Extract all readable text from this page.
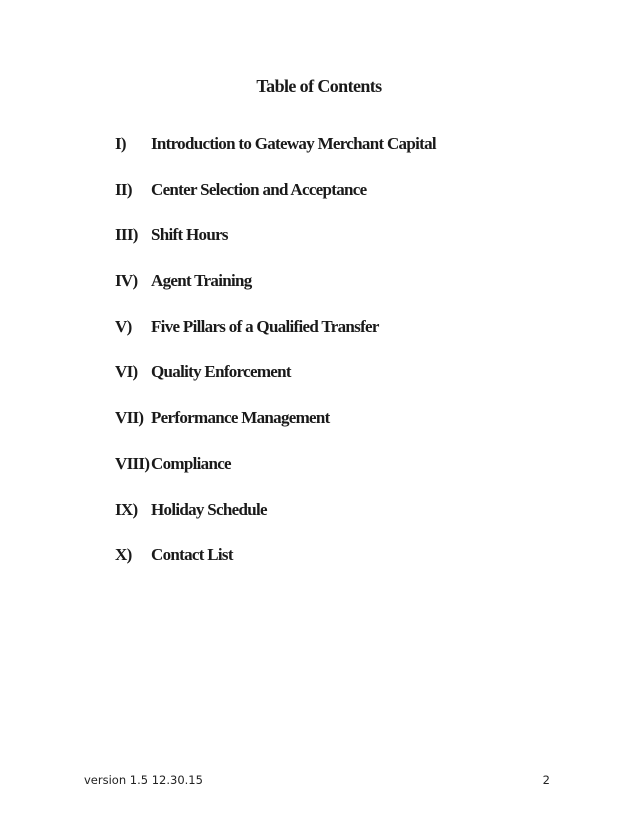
Table of Contents
I)	Introduction to Gateway Merchant Capital
II)	Center Selection and Acceptance
III) Shift Hours
IV) Agent Training
V)	Five Pillars of a Qualified Transfer
VI) Quality Enforcement
VII) Performance Management
VIII) Compliance
IX) Holiday Schedule
X)	Contact List
version 1.5 12.30.15	2
